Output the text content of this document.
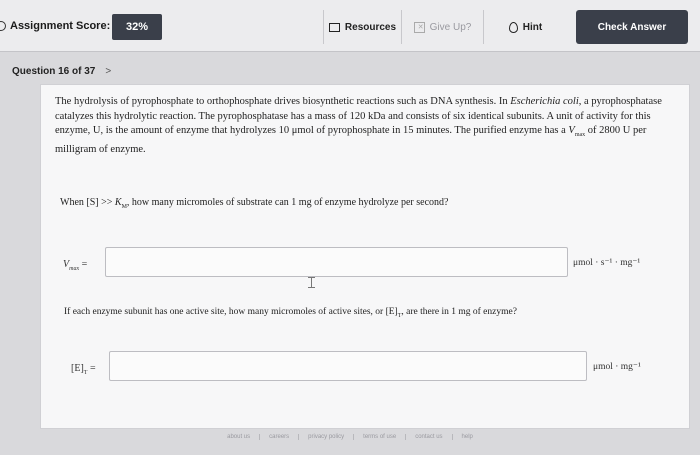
Assignment Score:	32%	Resources	✕ Give Up?	Hint	Check Answer
Question 16 of 37 >

The hydrolysis of pyrophosphate to orthophosphate drives biosynthetic reactions such as DNA synthesis. In Escherichia coli, a pyrophosphatase catalyzes this hydrolytic reaction. The pyrophosphatase has a mass of 120 kDa and consists of six identical subunits. A unit of activity for this enzyme, U, is the amount of enzyme that hydrolyzes 10 μmol of pyrophosphate in 15 minutes. The purified enzyme has a $V_{max}$ of 2800 U per milligram of enzyme.

When $[S] >> K_M$, how many micromoles of substrate can 1 mg of enzyme hydrolyze per second?

$V_{max}$ =	μmol · s⁻¹ · mg⁻¹

If each enzyme subunit has one active site, how many micromoles of active sites, or $[E]_T$, are there in 1 mg of enzyme?

$[E]_T$ =	μmol · mg⁻¹
about us	careers	privacy policy	terms of use	contact us	help
